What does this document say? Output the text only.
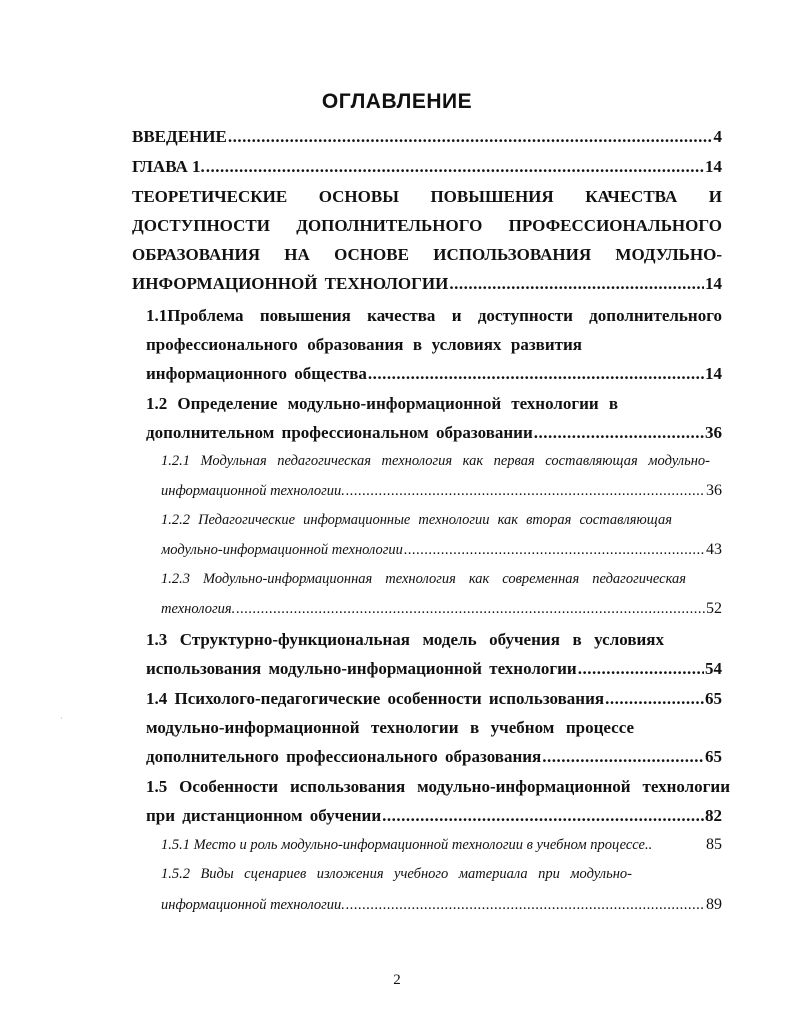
ОГЛАВЛЕНИЕ
ВВЕДЕНИЕ .....	4
ГЛАВА 1. .....	14
ТЕОРЕТИЧЕСКИЕ ОСНОВЫ ПОВЫШЕНИЯ КАЧЕСТВА И
ДОСТУПНОСТИ ДОПОЛНИТЕЛЬНОГО ПРОФЕССИОНАЛЬНОГО
ОБРАЗОВАНИЯ НА ОСНОВЕ ИСПОЛЬЗОВАНИЯ МОДУЛЬНО-
ИНФОРМАЦИОННОЙ ТЕХНОЛОГИИ .....	14
1.1Проблема повышения качества и доступности дополнительного
профессионального образования в условиях развития
информационного общества .....	14
1.2 Определение модульно-информационной технологии в
дополнительном профессиональном образовании .....	36
1.2.1 Модульная педагогическая технология как первая составляющая модульно-
информационной технологии. .....	36
1.2.2 Педагогические информационные технологии как вторая составляющая
модульно-информационной технологии .....	43
1.2.3 Модульно-информационная технология как современная педагогическая
технология. .....	52
1.3 Структурно-функциональная модель обучения в условиях
использования модульно-информационной технологии .....	54
1.4 Психолого-педагогические особенности использования .....	65
модульно-информационной технологии в учебном процессе
дополнительного профессионального образования .....	65
1.5 Особенности использования модульно-информационной технологии
при дистанционном обучении .....	82
1.5.1 Место и роль модульно-информационной технологии в учебном процессе..	85
1.5.2 Виды сценариев изложения учебного материала при модульно-
информационной технологии. .....	89
·
2
